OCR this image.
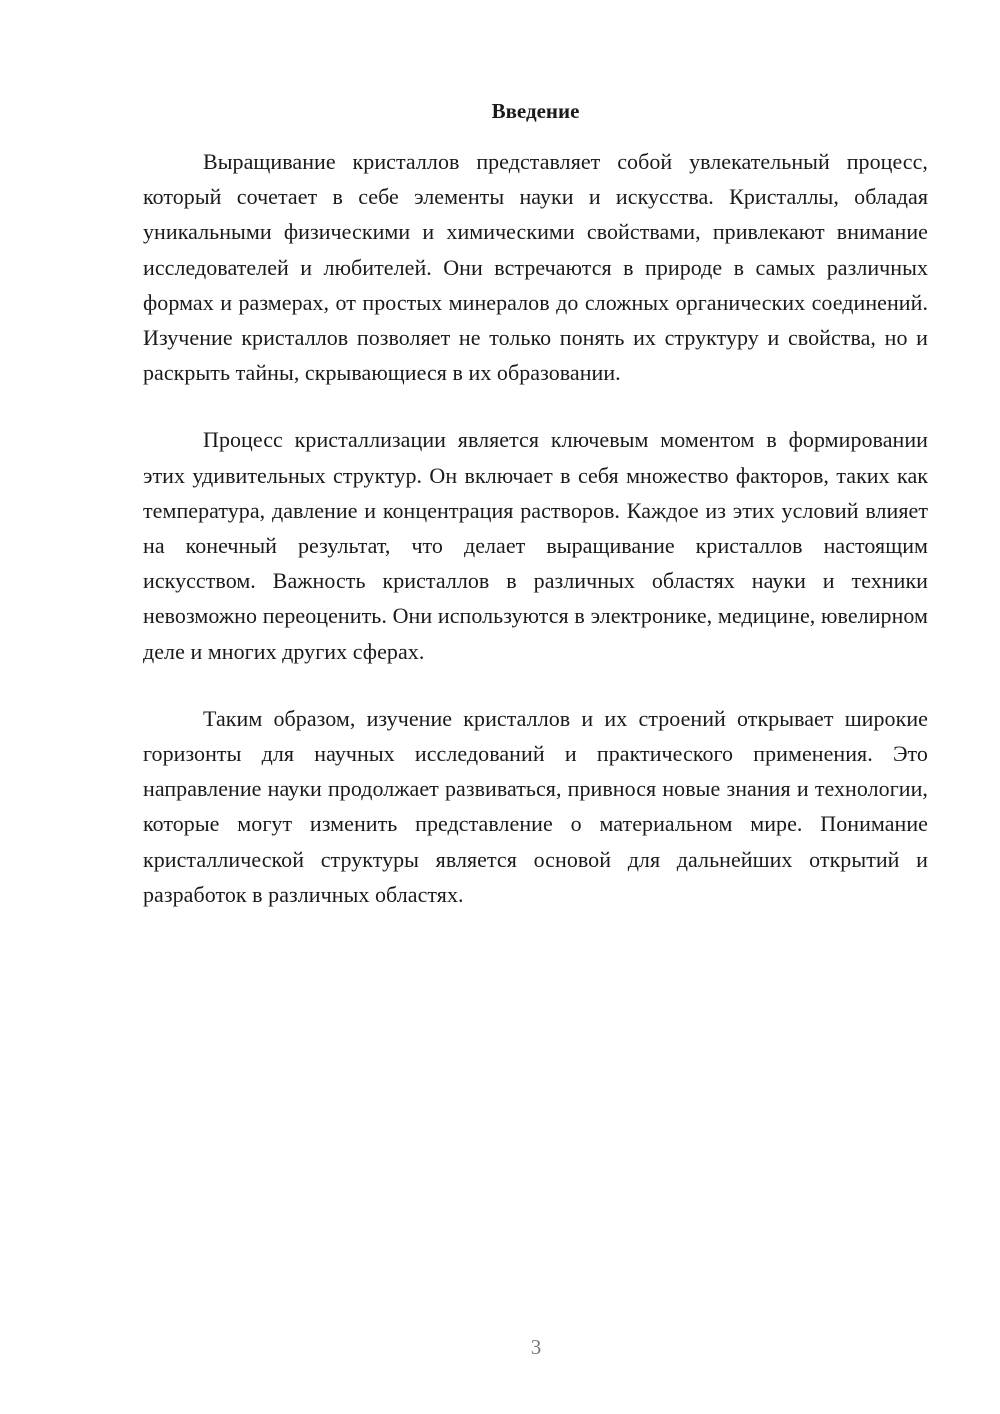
Введение

Выращивание кристаллов представляет собой увлекательный процесс, который сочетает в себе элементы науки и искусства. Кристаллы, обладая уникальными физическими и химическими свойствами, привлекают внимание исследователей и любителей. Они встречаются в природе в самых различных формах и размерах, от простых минералов до сложных органических соединений. Изучение кристаллов позволяет не только понять их структуру и свойства, но и раскрыть тайны, скрывающиеся в их образовании.

Процесс кристаллизации является ключевым моментом в формировании этих удивительных структур. Он включает в себя множество факторов, таких как температура, давление и концентрация растворов. Каждое из этих условий влияет на конечный результат, что делает выращивание кристаллов настоящим искусством. Важность кристаллов в различных областях науки и техники невозможно переоценить. Они используются в электронике, медицине, ювелирном деле и многих других сферах.

Таким образом, изучение кристаллов и их строений открывает широкие горизонты для научных исследований и практического применения. Это направление науки продолжает развиваться, привнося новые знания и технологии, которые могут изменить представление о материальном мире. Понимание кристаллической структуры является основой для дальнейших открытий и разработок в различных областях.

3
